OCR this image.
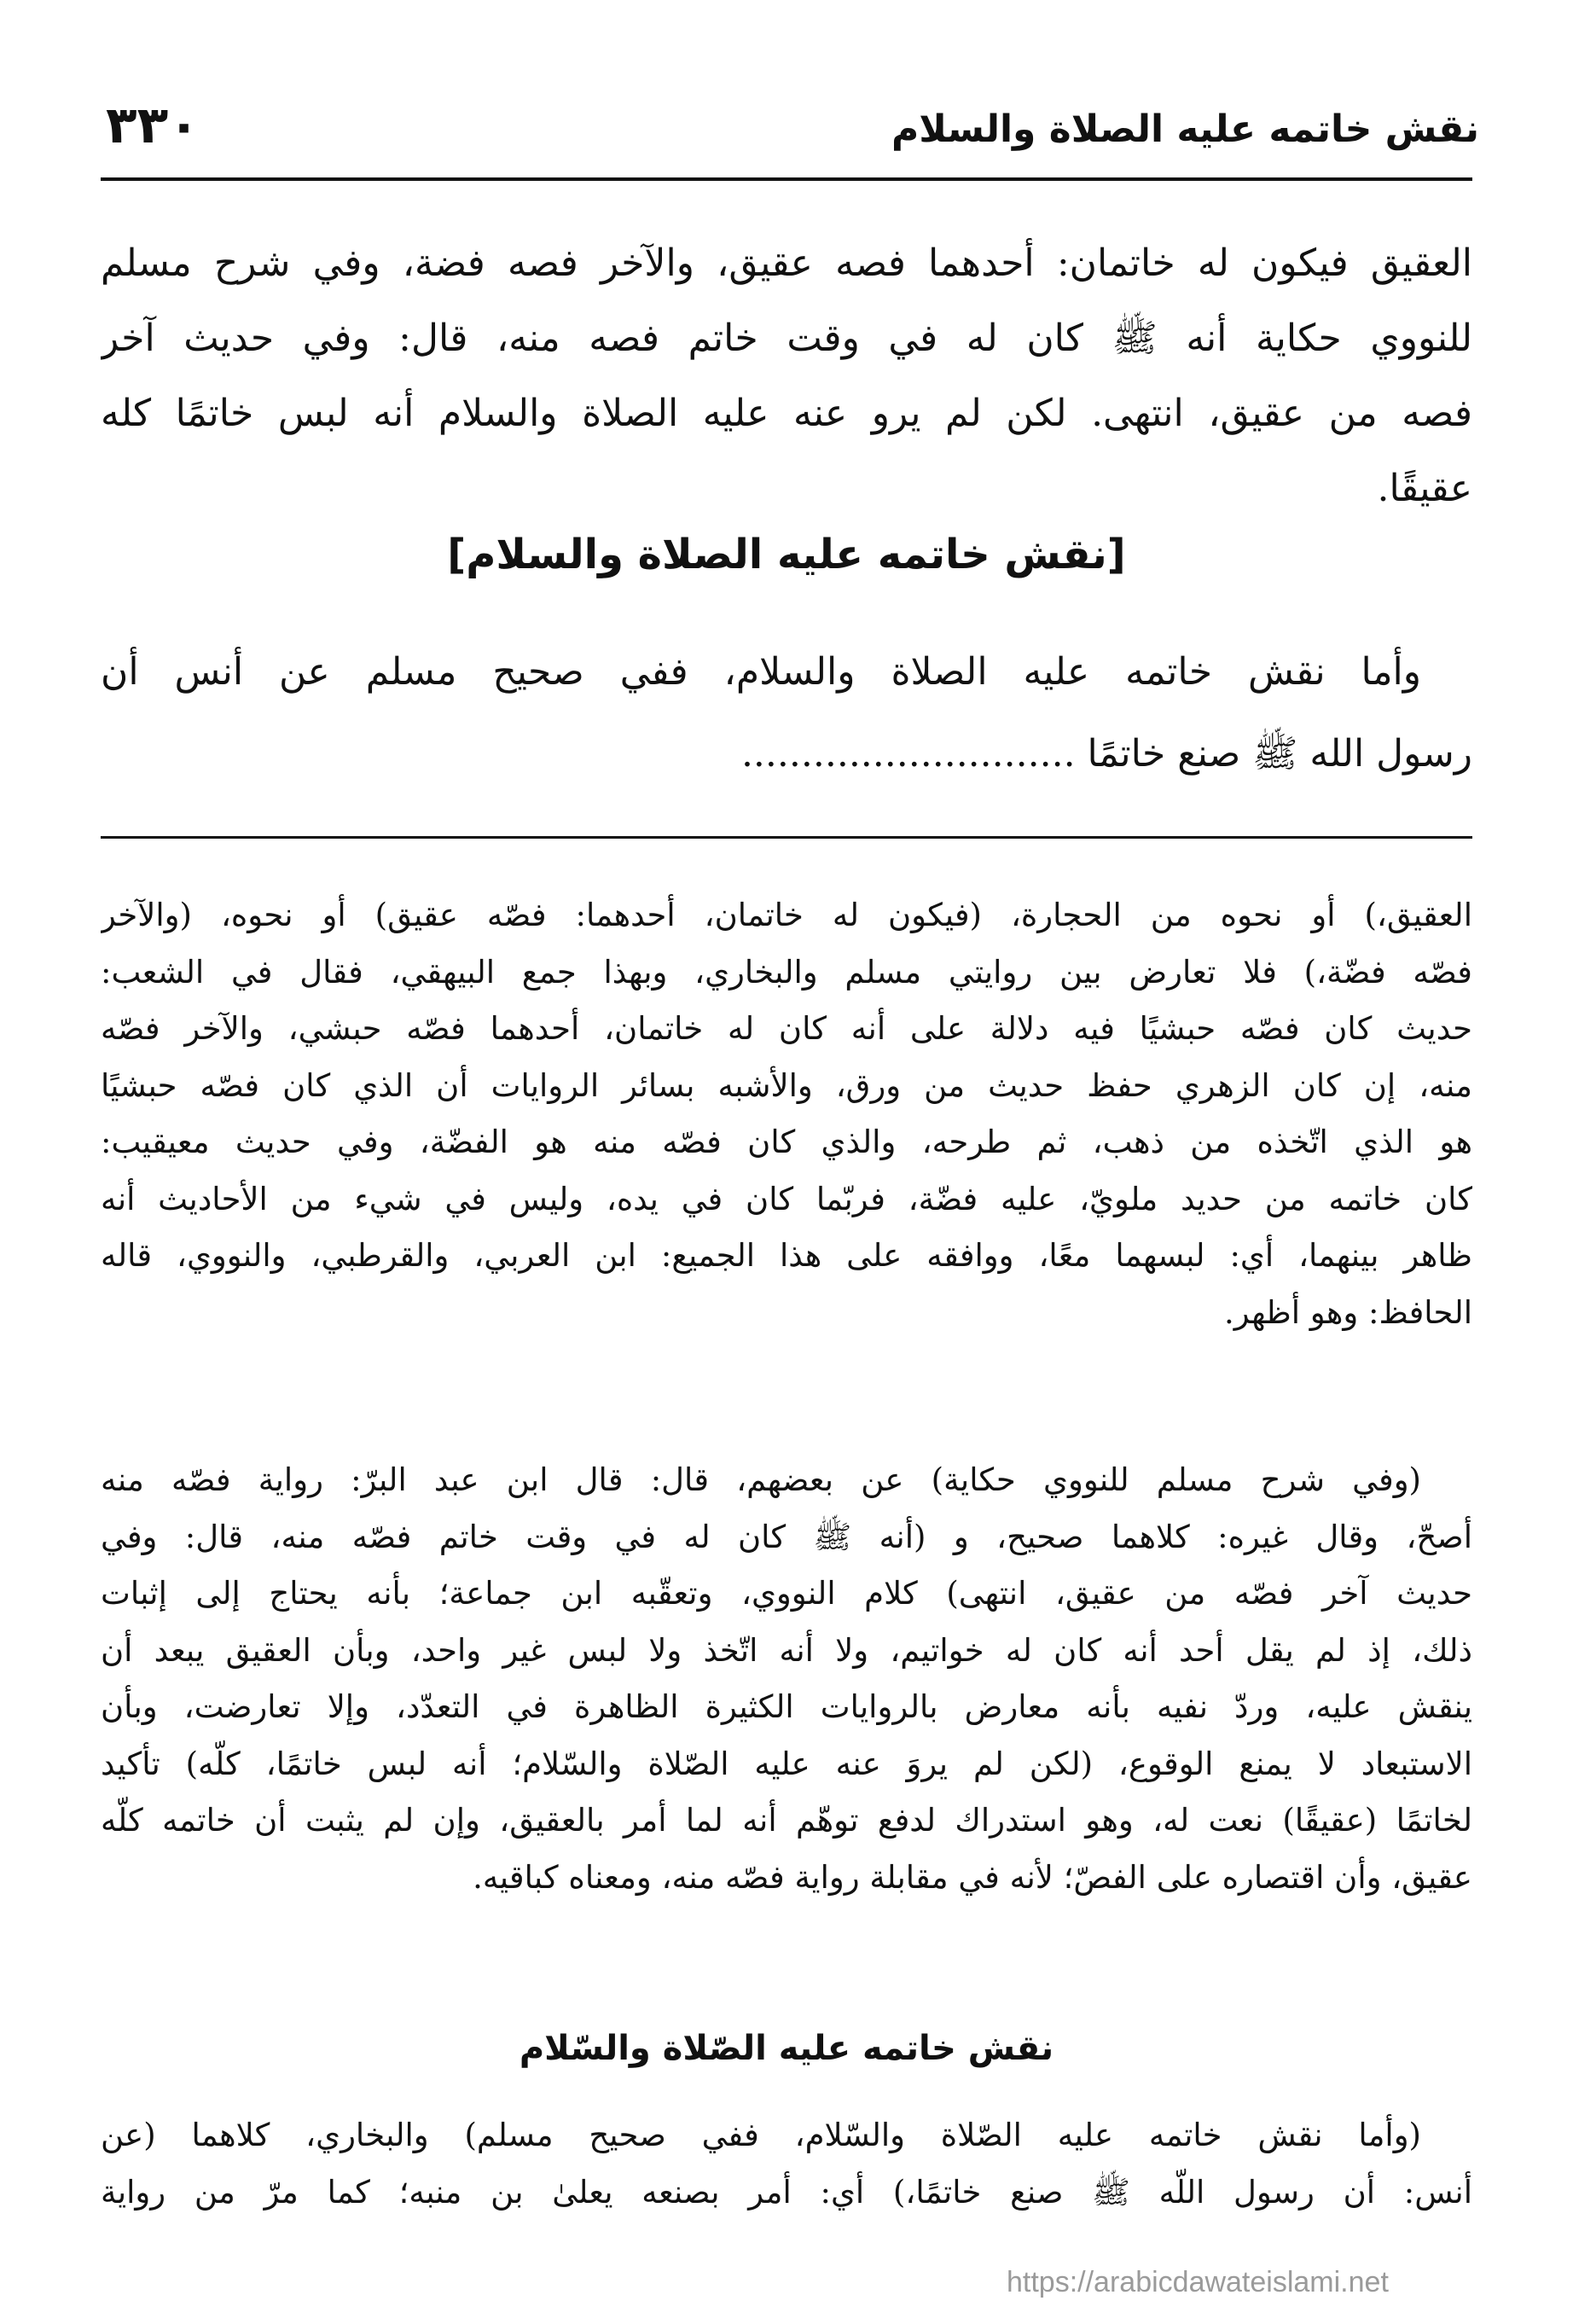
٣٣٠	نقش خاتمه عليه الصلاة والسلام
العقيق فيكون له خاتمان: أحدهما فصه عقيق، والآخر فصه فضة، وفي شرح مسلم
للنووي حكاية أنه ﷺ كان له في وقت خاتم فصه منه، قال: وفي حديث آخر
فصه من عقيق، انتهى. لكن لم يرو عنه عليه الصلاة والسلام أنه لبس خاتمًا كله
عقيقًا.
[نقش خاتمه عليه الصلاة والسلام]
وأما نقش خاتمه عليه الصلاة والسلام، ففي صحيح مسلم عن أنس أن
رسول الله ﷺ صنع خاتمًا ............................
العقيق،) أو نحوه من الحجارة، (فيكون له خاتمان، أحدهما: فصّه عقيق) أو نحوه، (والآخر
فصّه فضّة،) فلا تعارض بين روايتي مسلم والبخاري، وبهذا جمع البيهقي، فقال في الشعب:
حديث كان فصّه حبشيًا فيه دلالة على أنه كان له خاتمان، أحدهما فصّه حبشي، والآخر فصّه
منه، إن كان الزهري حفظ حديث من ورق، والأشبه بسائر الروايات أن الذي كان فصّه حبشيًا
هو الذي اتّخذه من ذهب، ثم طرحه، والذي كان فصّه منه هو الفضّة، وفي حديث معيقيب:
كان خاتمه من حديد ملويّ، عليه فضّة، فربّما كان في يده، وليس في شيء من الأحاديث أنه
ظاهر بينهما، أي: لبسهما معًا، ووافقه على هذا الجميع: ابن العربي، والقرطبي، والنووي، قاله
الحافظ: وهو أظهر.
(وفي شرح مسلم للنووي حكاية) عن بعضهم، قال: قال ابن عبد البرّ: رواية فصّه منه
أصحّ، وقال غيره: كلاهما صحيح، و (أنه ﷺ كان له في وقت خاتم فصّه منه، قال: وفي
حديث آخر فصّه من عقيق، انتهى) كلام النووي، وتعقّبه ابن جماعة؛ بأنه يحتاج إلى إثبات
ذلك، إذ لم يقل أحد أنه كان له خواتيم، ولا أنه اتّخذ ولا لبس غير واحد، وبأن العقيق يبعد أن
ينقش عليه، وردّ نفيه بأنه معارض بالروايات الكثيرة الظاهرة في التعدّد، وإلا تعارضت، وبأن
الاستبعاد لا يمنع الوقوع، (لكن لم يروَ عنه عليه الصّلاة والسّلام؛ أنه لبس خاتمًا، كلّه) تأكيد
لخاتمًا (عقيقًا) نعت له، وهو استدراك لدفع توهّم أنه لما أمر بالعقيق، وإن لم يثبت أن خاتمه كلّه
عقيق، وأن اقتصاره على الفصّ؛ لأنه في مقابلة رواية فصّه منه، ومعناه كباقيه.
نقش خاتمه عليه الصّلاة والسّلام
(وأما نقش خاتمه عليه الصّلاة والسّلام، ففي صحيح مسلم) والبخاري، كلاهما (عن
أنس: أن رسول اللّه ﷺ صنع خاتمًا،) أي: أمر بصنعه يعلىٰ بن منبه؛ كما مرّ من رواية
https://arabicdawateislami.net
